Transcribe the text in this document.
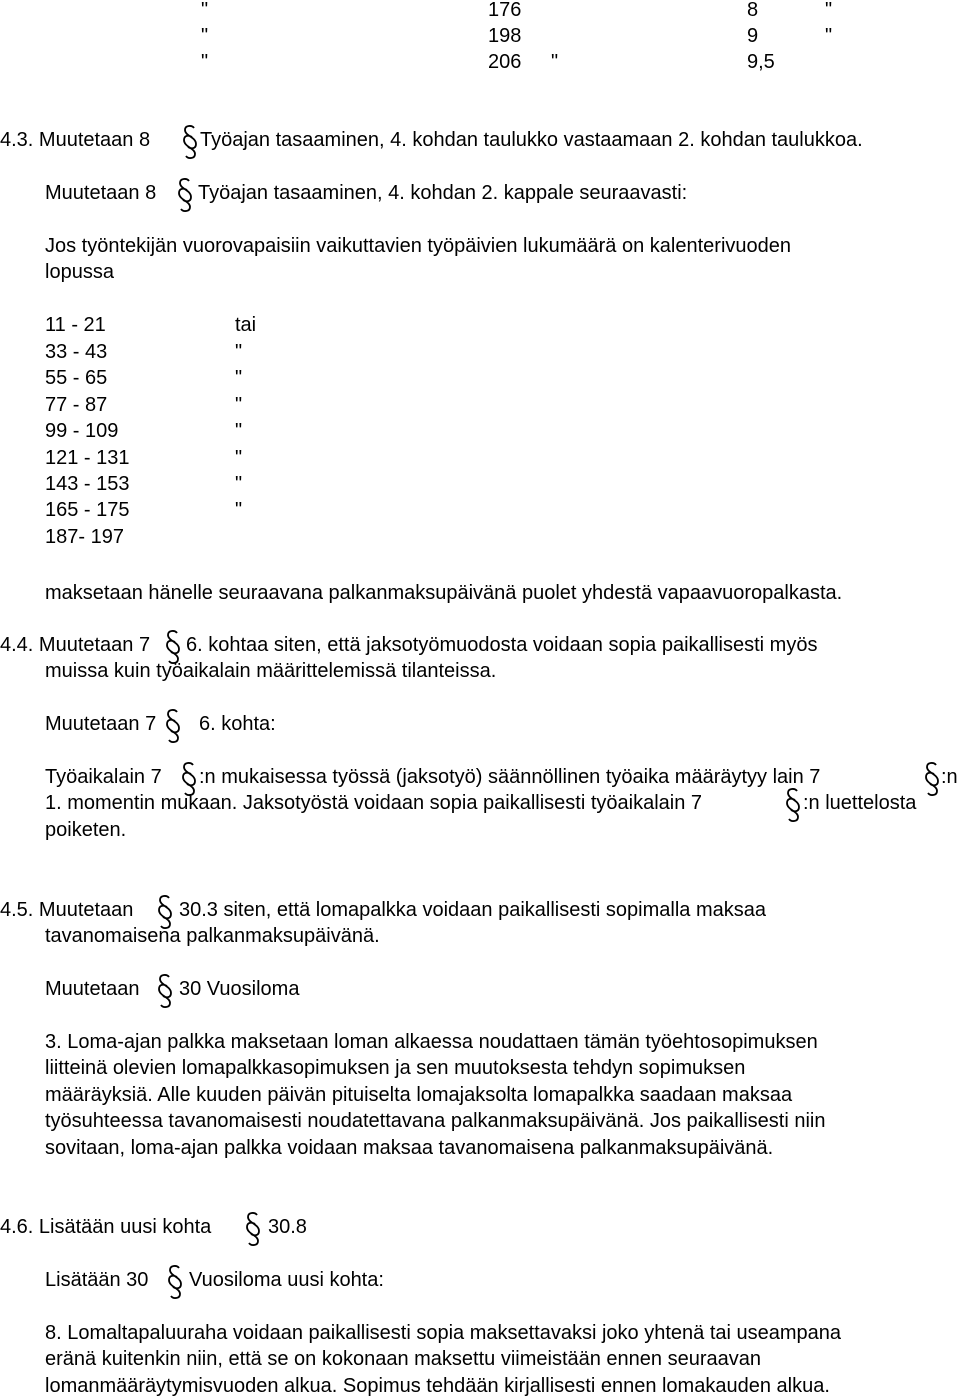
"	176	8	"
"	198	9	"
"	206 "	9,5
4.3. Muutetaan 8 Työajan tasaaminen, 4. kohdan taulukko vastaamaan 2. kohdan taulukkoa.
Muutetaan 8 Työajan tasaaminen, 4. kohdan 2. kappale seuraavasti:
Jos työntekijän vuorovapaisiin vaikuttavien työpäivien lukumäärä on kalenterivuoden
lopussa
11 - 21	tai
33 - 43	"
55 - 65	"
77 - 87	"
99 - 109	"
121 - 131	"
143 - 153	"
165 - 175	"
187- 197
maksetaan hänelle seuraavana palkanmaksupäivänä puolet yhdestä vapaavuoropalkasta.
4.4. Muutetaan 7 6. kohtaa siten, että jaksotyömuodosta voidaan sopia paikallisesti myös
muissa kuin työaikalain määrittelemissä tilanteissa.
Muutetaan 7 6. kohta:
Työaikalain 7 :n mukaisessa työssä (jaksotyö) säännöllinen työaika määräytyy lain 7	:n
1. momentin mukaan. Jaksotyöstä voidaan sopia paikallisesti työaikalain 7	:n luettelosta
poiketen.
4.5. Muutetaan 30.3 siten, että lomapalkka voidaan paikallisesti sopimalla maksaa
tavanomaisena palkanmaksupäivänä.
Muutetaan 30 Vuosiloma
3. Loma-ajan palkka maksetaan loman alkaessa noudattaen tämän työehtosopimuksen
liitteinä olevien lomapalkkasopimuksen ja sen muutoksesta tehdyn sopimuksen
määräyksiä. Alle kuuden päivän pituiselta lomajaksolta lomapalkka saadaan maksaa
työsuhteessa tavanomaisesti noudatettavana palkanmaksupäivänä. Jos paikallisesti niin
sovitaan, loma-ajan palkka voidaan maksaa tavanomaisena palkanmaksupäivänä.
4.6. Lisätään uusi kohta	30.8
Lisätään 30 Vuosiloma uusi kohta:
8. Lomaltapaluuraha voidaan paikallisesti sopia maksettavaksi joko yhtenä tai useampana
eränä kuitenkin niin, että se on kokonaan maksettu viimeistään ennen seuraavan
lomanmääräytymisvuoden alkua. Sopimus tehdään kirjallisesti ennen lomakauden alkua.
